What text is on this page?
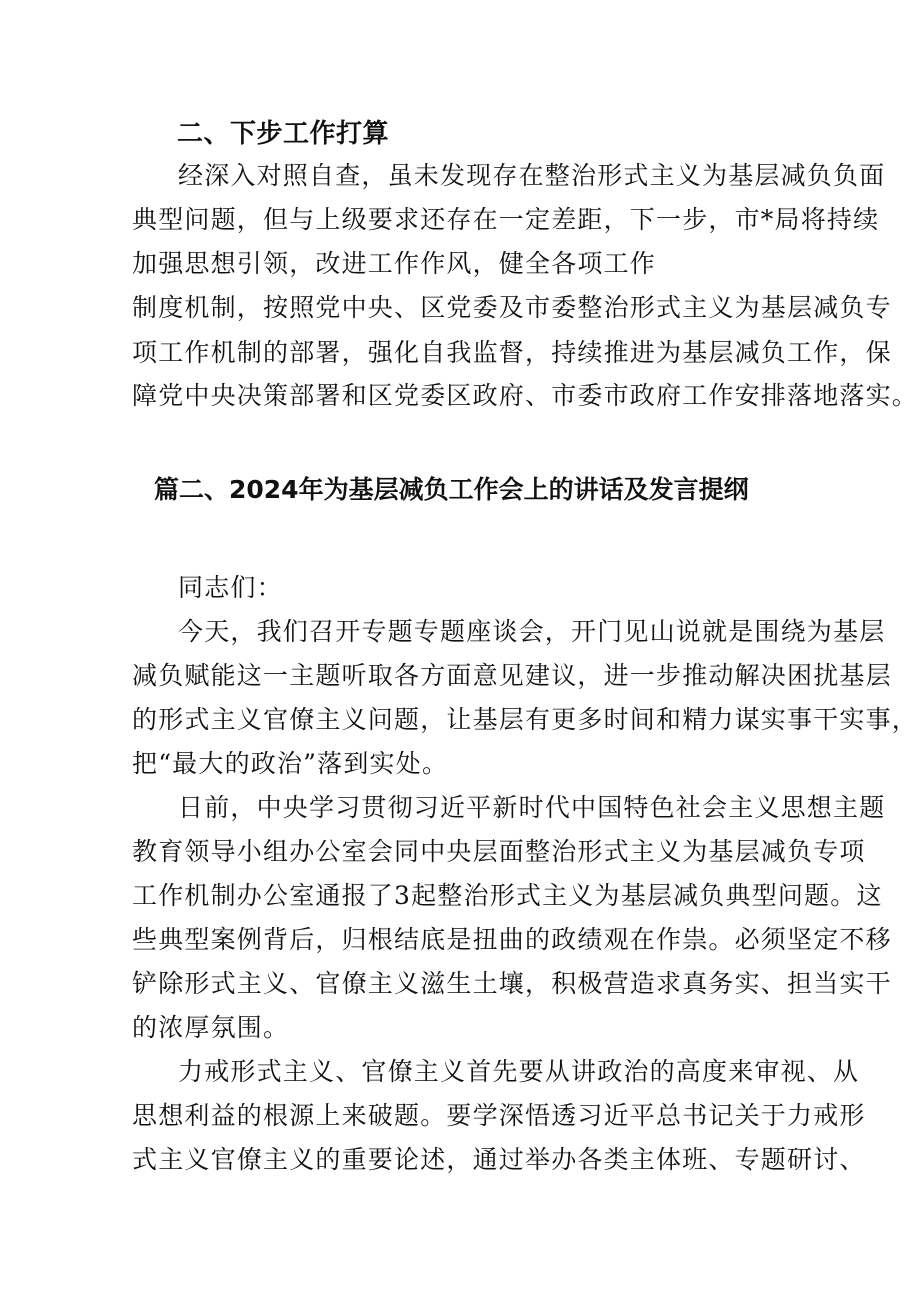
二、下步工作打算
经深入对照自查，虽未发现存在整治形式主义为基层减负负面
典型问题，但与上级要求还存在一定差距，下一步，市*局将持续
加强思想引领，改进工作作风，健全各项工作
制度机制，按照党中央、区党委及市委整治形式主义为基层减负专
项工作机制的部署，强化自我监督，持续推进为基层减负工作，保
障党中央决策部署和区党委区政府、市委市政府工作安排落地落实。
篇二、2024年为基层减负工作会上的讲话及发言提纲
同志们：
今天，我们召开专题专题座谈会，开门见山说就是围绕为基层
减负赋能这一主题听取各方面意见建议，进一步推动解决困扰基层
的形式主义官僚主义问题，让基层有更多时间和精力谋实事干实事，
把“最大的政治”落到实处。
日前，中央学习贯彻习近平新时代中国特色社会主义思想主题
教育领导小组办公室会同中央层面整治形式主义为基层减负专项
工作机制办公室通报了3起整治形式主义为基层减负典型问题。这
些典型案例背后，归根结底是扭曲的政绩观在作祟。必须坚定不移
铲除形式主义、官僚主义滋生土壤，积极营造求真务实、担当实干
的浓厚氛围。
力戒形式主义、官僚主义首先要从讲政治的高度来审视、从
思想利益的根源上来破题。要学深悟透习近平总书记关于力戒形
式主义官僚主义的重要论述，通过举办各类主体班、专题研讨、
